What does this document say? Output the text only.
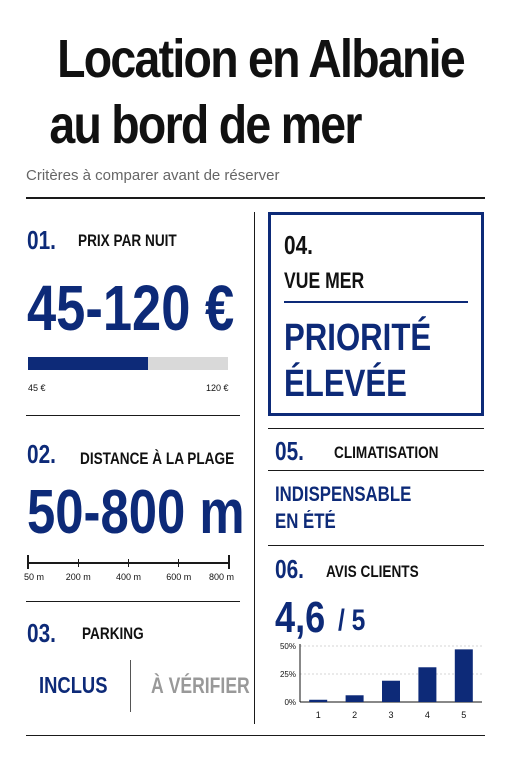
Location en Albanie
au bord de mer
Critères à comparer avant de réserver
01. PRIX PAR NUIT
45-120 €
45 €	120 €
02. DISTANCE À LA PLAGE
50-800 m
50 m 200 m	400 m	600 m 800 m
03. PARKING
INCLUS À VÉRIFIER
04.
VUE MER
PRIORITÉ
ÉLEVÉE
05. CLIMATISATION
INDISPENSABLE
EN ÉTÉ
06. AVIS CLIENTS
4,6 / 5
0%
25%
50%
1	2	3	4	5
